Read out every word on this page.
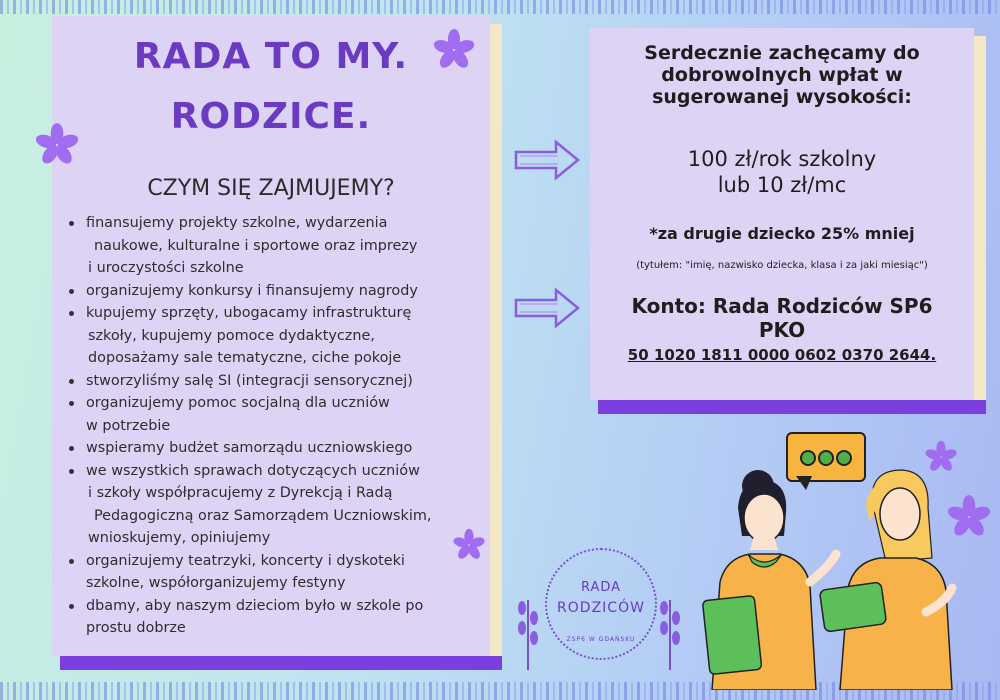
RADA TO MY.
RODZICE.
CZYM SIĘ ZAJMUJEMY?
finansujemy projekty szkolne, wydarzenia
naukowe, kulturalne i sportowe oraz imprezy
i uroczystości szkolne
organizujemy konkursy i finansujemy nagrody
kupujemy sprzęty, ubogacamy infrastrukturę
szkoły, kupujemy pomoce dydaktyczne,
doposażamy sale tematyczne, ciche pokoje
stworzyliśmy salę SI (integracji sensorycznej)
organizujemy pomoc socjalną dla uczniów
w potrzebie
wspieramy budżet samorządu uczniowskiego
we wszystkich sprawach dotyczących uczniów
i szkoły współpracujemy z Dyrekcją i Radą
Pedagogiczną oraz Samorządem Uczniowskim,
wnioskujemy, opiniujemy
organizujemy teatrzyki, koncerty i dyskoteki
szkolne, współorganizujemy festyny
dbamy, aby naszym dzieciom było w szkole po
prostu dobrze
Serdecznie zachęcamy do
dobrowolnych wpłat w
sugerowanej wysokości:
100 zł/rok szkolny
lub 10 zł/mc
*za drugie dziecko 25% mniej
(tytułem: "imię, nazwisko dziecka, klasa i za jaki miesiąc")
Konto: Rada Rodziców SP6
PKO
50 1020 1811 0000 0602 0370 2644.
RADA
RODZICÓW
ZSP6 W GDAŃSKU
